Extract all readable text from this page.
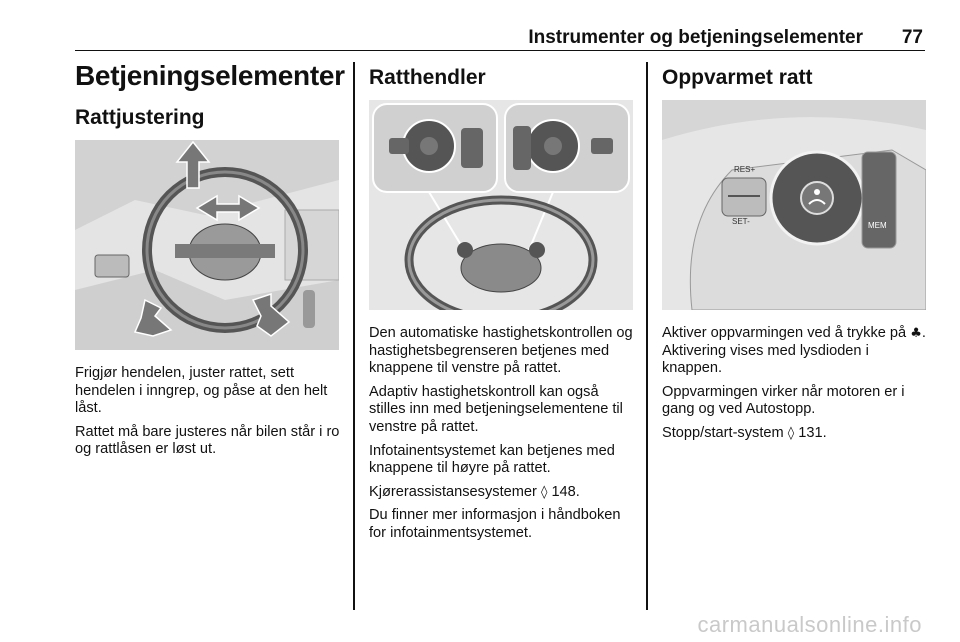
Instrumenter og betjeningselementer 77
Betjeningselementer
Rattjustering

Frigjør hendelen, juster rattet, sett hendelen i inngrep, og påse at den helt låst.

Rattet må bare justeres når bilen står i ro og rattlåsen er løst ut.

Ratthendler

Den automatiske hastighetskontrollen og hastighetsbegrenseren betjenes med knappene til venstre på rattet.

Adaptiv hastighetskontroll kan også stilles inn med betjeningselementene til venstre på rattet.

Infotainentsystemet kan betjenes med knappene til høyre på rattet.

Kjørerassistansesystemer ◊ 148.

Du finner mer informasjon i håndboken for infotainmentsystemet.

Oppvarmet ratt
RES+
SET-	MEM

Aktiver oppvarmingen ved å trykke på ♣. Aktivering vises med lysdioden i knappen.

Oppvarmingen virker når motoren er i gang og ved Autostopp.

Stopp/start-system ◊ 131.

carmanualsonline.info
